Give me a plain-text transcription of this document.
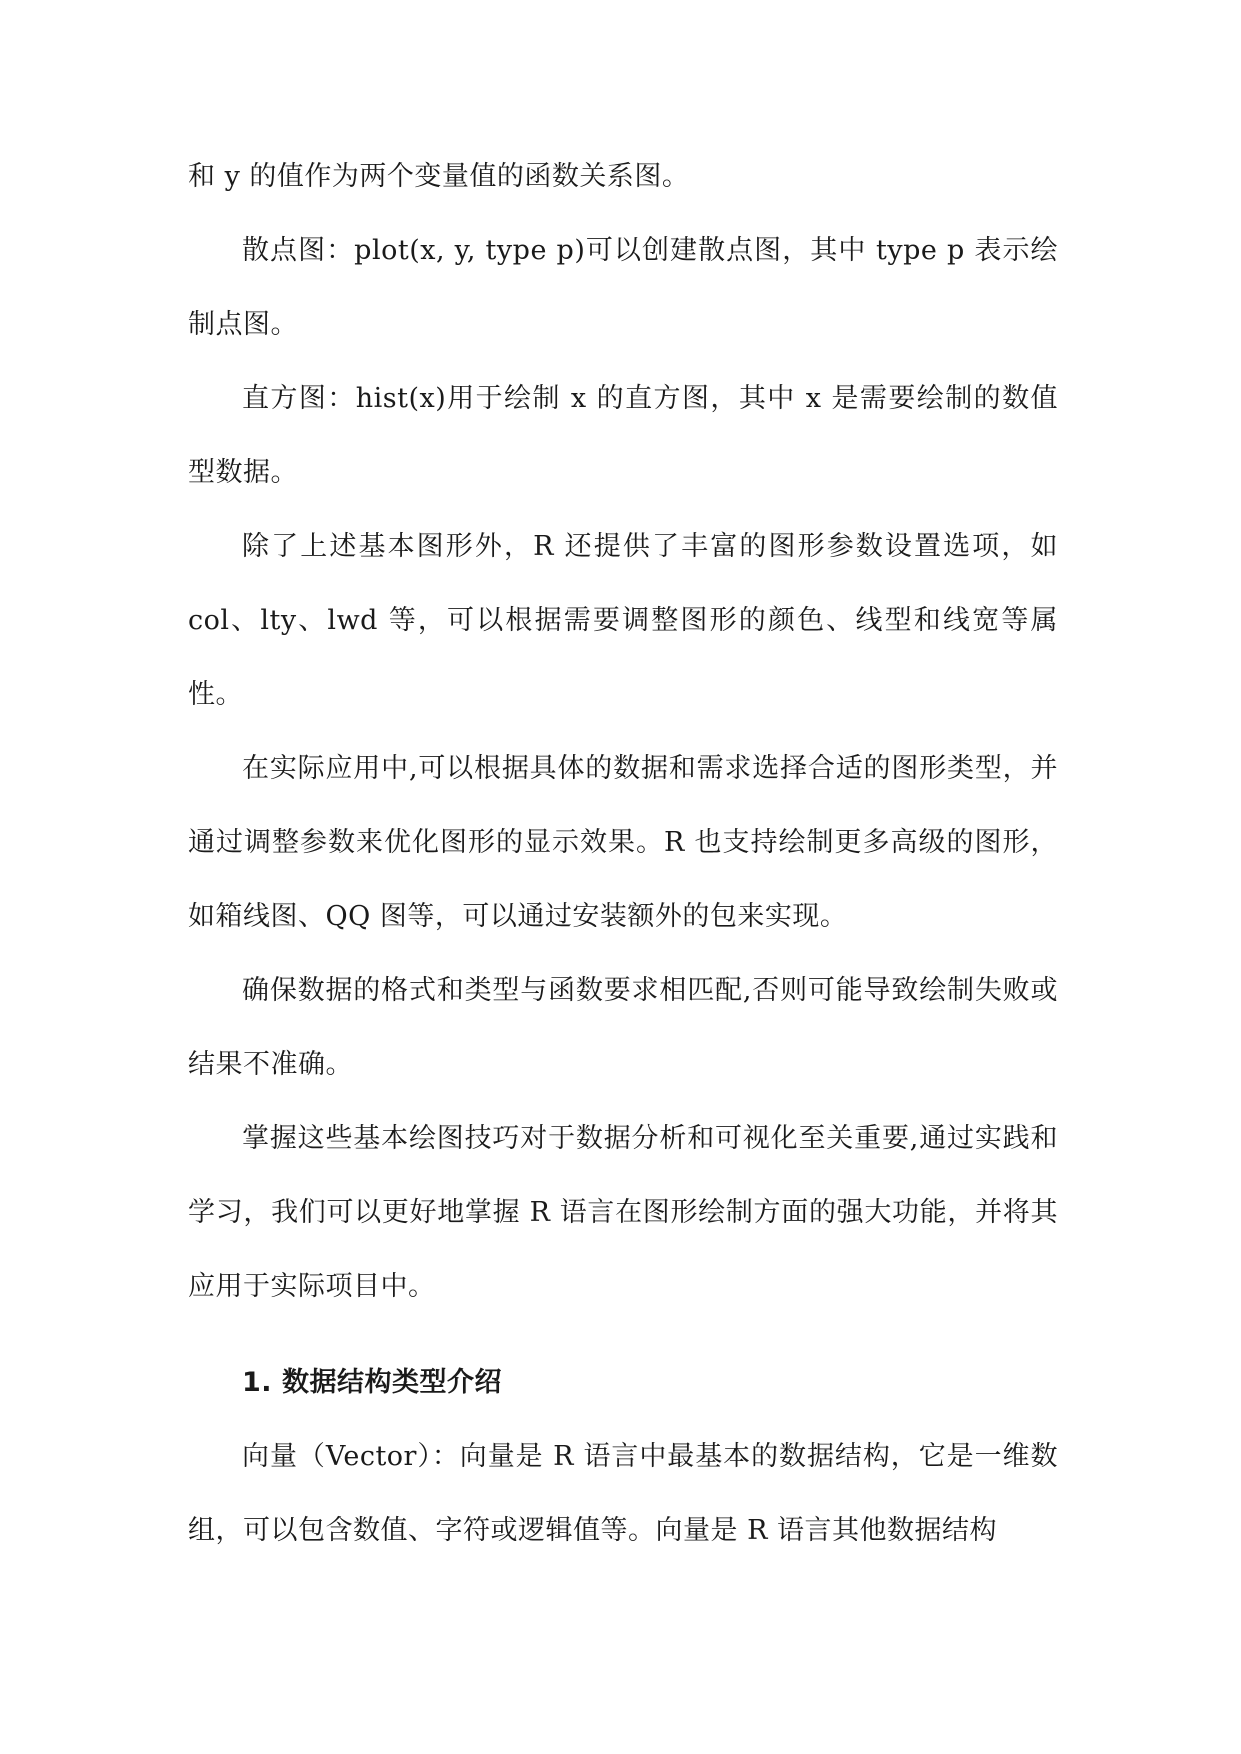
和 y 的值作为两个变量值的函数关系图。

散点图：plot(x, y, type p)可以创建散点图，其中 type p 表示绘制点图。

直方图：hist(x)用于绘制 x 的直方图，其中 x 是需要绘制的数值型数据。

除了上述基本图形外，R 还提供了丰富的图形参数设置选项，如 col、lty、lwd 等，可以根据需要调整图形的颜色、线型和线宽等属性。

在实际应用中,可以根据具体的数据和需求选择合适的图形类型，并通过调整参数来优化图形的显示效果。R 也支持绘制更多高级的图形，如箱线图、QQ 图等，可以通过安装额外的包来实现。

确保数据的格式和类型与函数要求相匹配,否则可能导致绘制失败或结果不准确。

掌握这些基本绘图技巧对于数据分析和可视化至关重要,通过实践和学习，我们可以更好地掌握 R 语言在图形绘制方面的强大功能，并将其应用于实际项目中。

1. 数据结构类型介绍

向量（Vector）：向量是 R 语言中最基本的数据结构，它是一维数组，可以包含数值、字符或逻辑值等。向量是 R 语言其他数据结构
